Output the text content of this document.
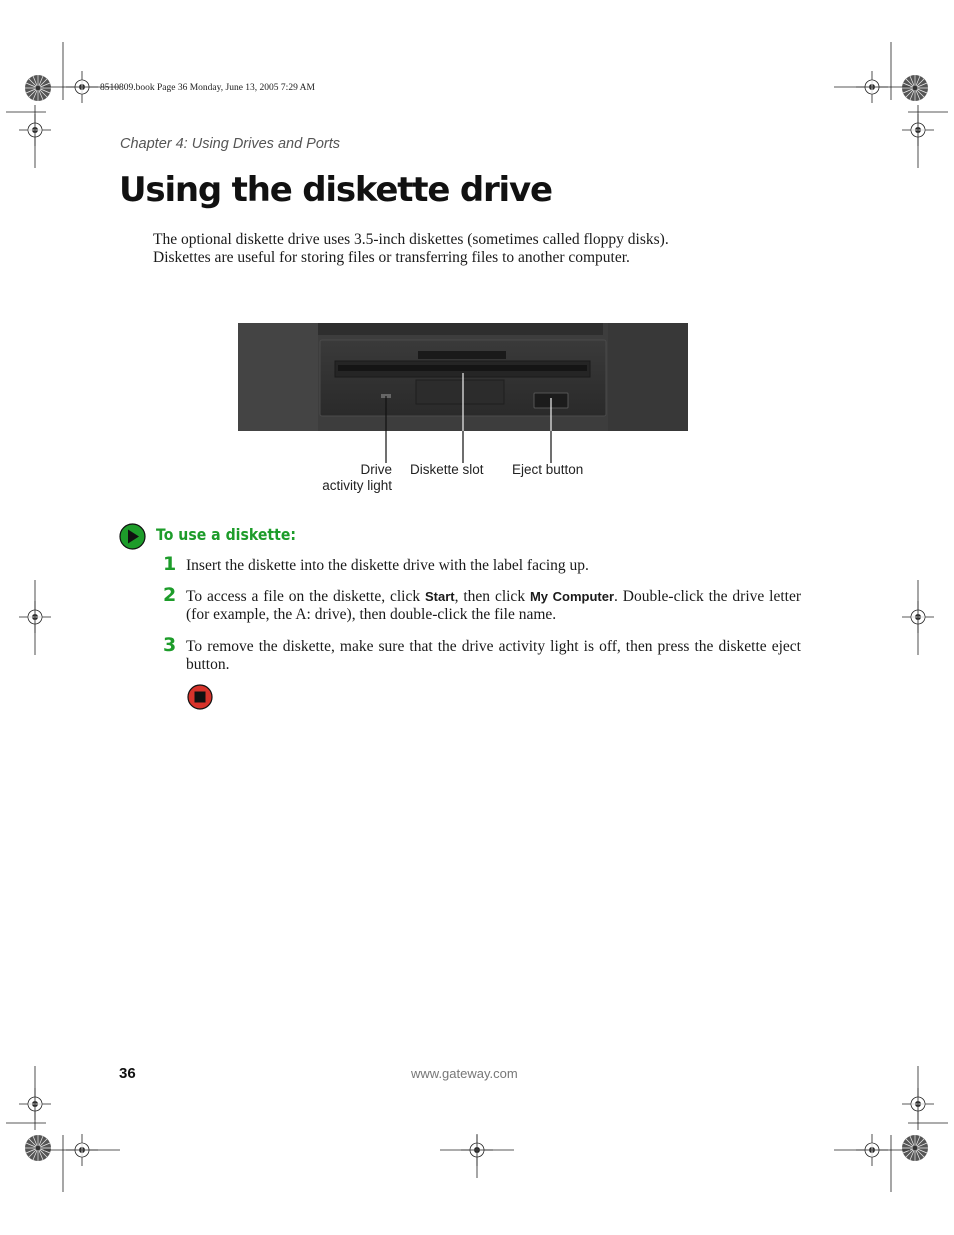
8510809.book Page 36 Monday, June 13, 2005 7:29 AM
Chapter 4: Using Drives and Ports
Using the diskette drive

The optional diskette drive uses 3.5-inch diskettes (sometimes called floppy disks).

Diskettes are useful for storing files or transferring files to another computer.

Drive
activity light
Diskette slot Eject button
To use a diskette:
1 Insert the diskette into the diskette drive with the label facing up.
2 To access a file on the diskette, click Start, then click My Computer. Double-click the drive letter (for example, the A: drive), then double-click the file name.
3 To remove the diskette, make sure that the drive activity light is off, then press the diskette eject button.
36	www.gateway.com
